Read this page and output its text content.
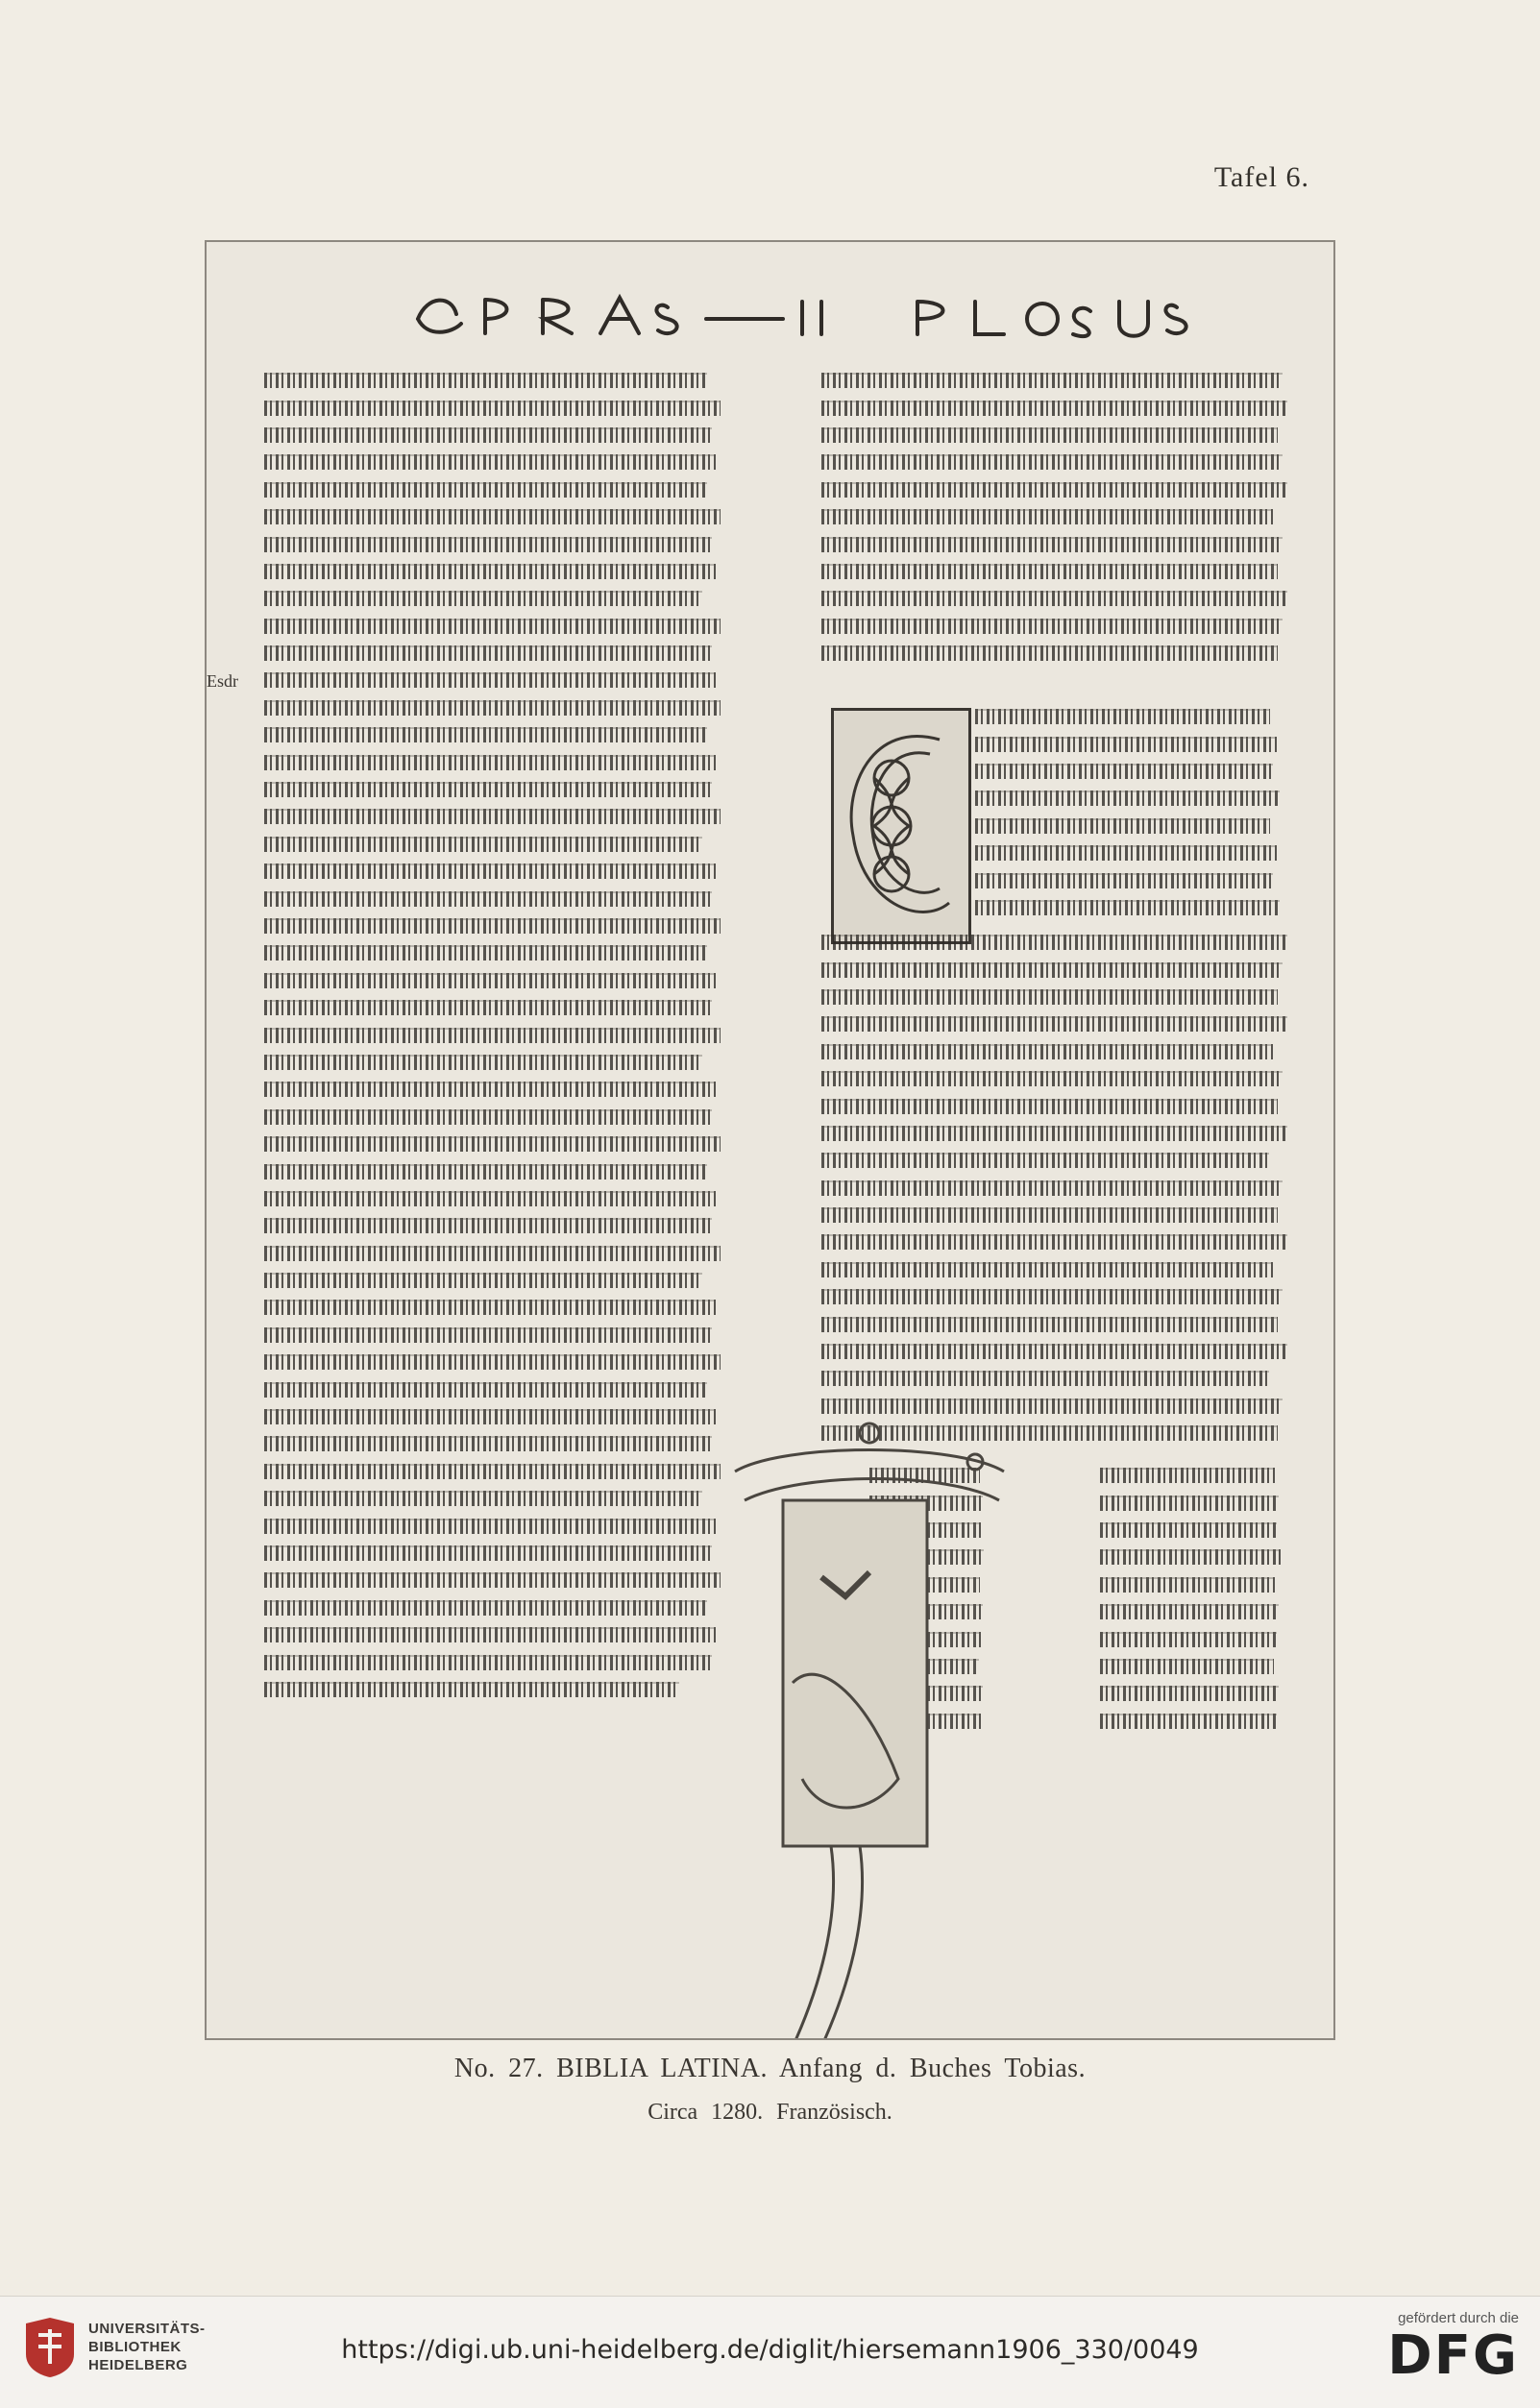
Tafel 6.
Esdr
No. 27. BIBLIA LATINA. Anfang d. Buches Tobias.
Circa 1280. Französisch.
UNIVERSITÄTS-
BIBLIOTHEK
HEIDELBERG
https://digi.ub.uni-heidelberg.de/diglit/hiersemann1906_330/0049
gefördert durch die
DFG
